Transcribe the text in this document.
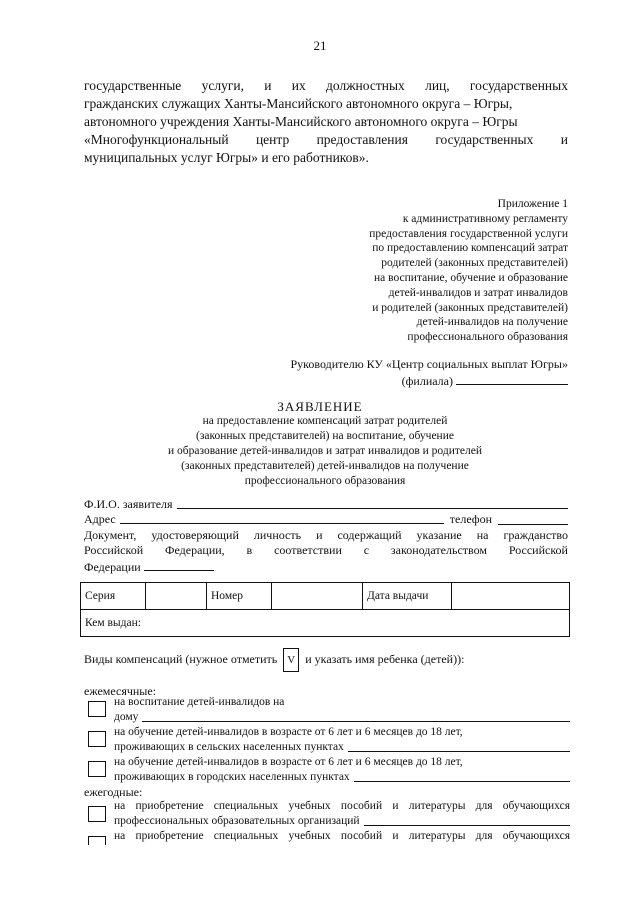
21
государственные услуги, и их должностных лиц, государственных
гражданских служащих Ханты-Мансийского автономного округа – Югры,
автономного учреждения Ханты-Мансийского автономного округа – Югры
«Многофункциональный центр предоставления государственных и
муниципальных услуг Югры» и его работников».
Приложение 1
к административному регламенту
предоставления государственной услуги
по предоставлению компенсаций затрат
родителей (законных представителей)
на воспитание, обучение и образование
детей-инвалидов и затрат инвалидов
и родителей (законных представителей)
детей-инвалидов на получение
профессионального образования
Руководителю КУ «Центр социальных выплат Югры»
(филиала)
ЗАЯВЛЕНИЕ
на предоставление компенсаций затрат родителей
(законных представителей) на воспитание, обучение
и образование детей-инвалидов и затрат инвалидов и родителей
(законных представителей) детей-инвалидов на получение
профессионального образования
Ф.И.О. заявителя
Адрес	телефон
Документ, удостоверяющий личность и содержащий указание на гражданство
Российской Федерации, в соответствии с законодательством Российской
Федерации
Серия		Номер		Дата выдачи	
Кем выдан:
Виды компенсаций (нужное отметить V и указать имя ребенка (детей)):
ежемесячные:
на воспитание детей-инвалидов на
дому
на обучение детей-инвалидов в возрасте от 6 лет и 6 месяцев до 18 лет,
проживающих в сельских населенных пунктах
на обучение детей-инвалидов в возрасте от 6 лет и 6 месяцев до 18 лет,
проживающих в городских населенных пунктах
ежегодные:
на приобретение специальных учебных пособий и литературы для обучающихся
профессиональных образовательных организаций
на приобретение специальных учебных пособий и литературы для обучающихся
